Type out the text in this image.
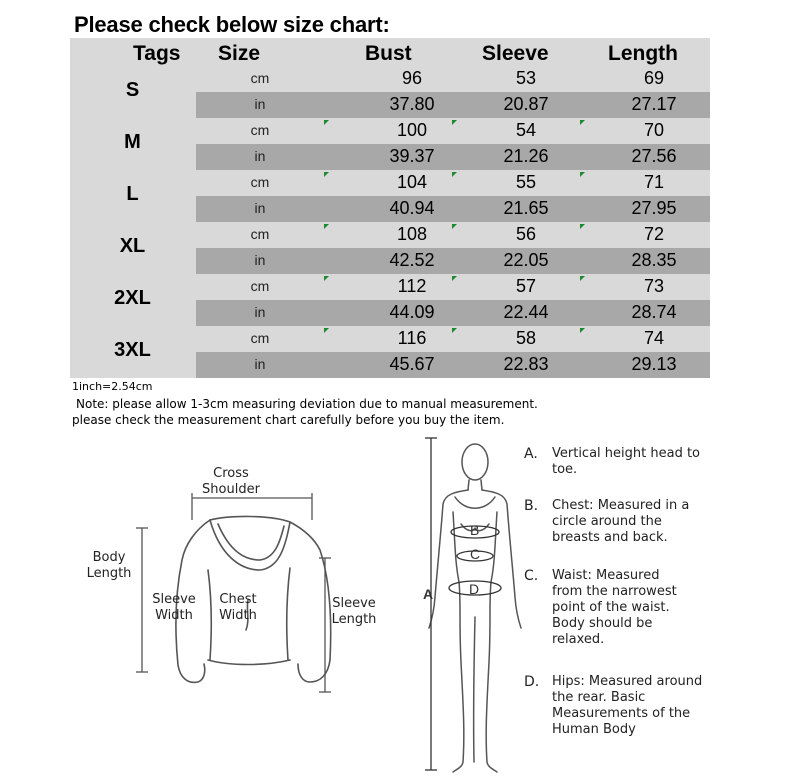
Please check below size chart:
Tags Size	Bust	Sleeve	Length
S
cm	96	53	69
in	37.80	20.87	27.17
M
cm	100	54	70
in	39.37	21.26	27.56
L
cm	104	55	71
in	40.94	21.65	27.95
XL
cm	108	56	72
in	42.52	22.05	28.35
2XL
cm	112	57	73
in	44.09	22.44	28.74
3XL
cm	116	58	74
in	45.67	22.83	29.13
1inch=2.54cm
Note: please allow 1-3cm measuring deviation due to manual measurement.
please check the measurement chart carefully before you buy the item.
Cross
Shoulder
Body
Length
Sleeve
Width
Chest
Width
Sleeve
Length
A
B
C
D
A. Vertical height head to toe.
B. Chest: Measured in a circle around the breasts and back.
C. Waist: Measured from the narrowest point of the waist. Body should be relaxed.
D. Hips: Measured around the rear. Basic Measurements of the Human Body
